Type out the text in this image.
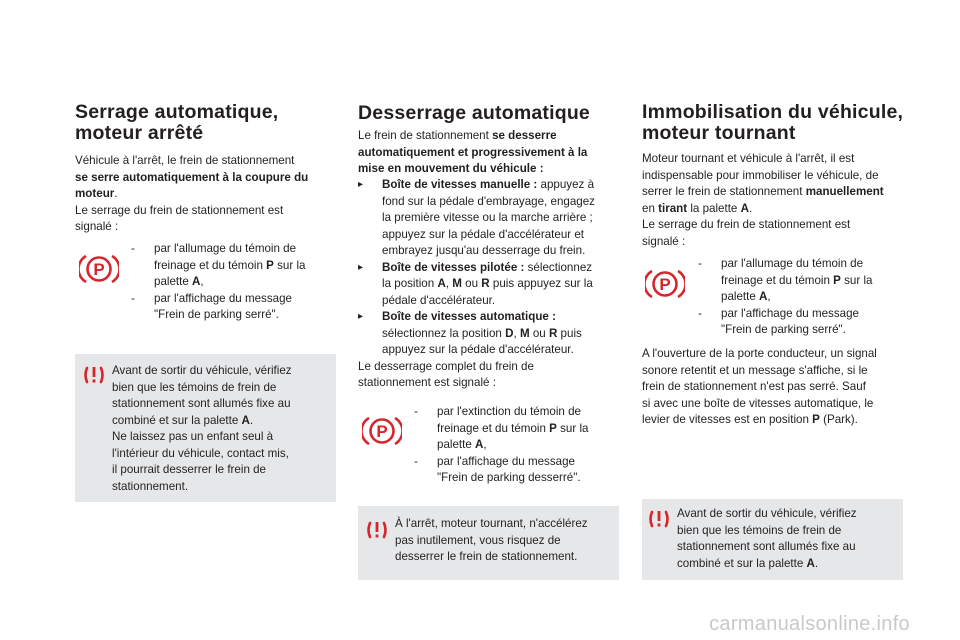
Serrage automatique,
moteur arrêté
Véhicule à l'arrêt, le frein de stationnement
se serre automatiquement à la coupure du
moteur.
Le serrage du frein de stationnement est
signalé :
- par l'allumage du témoin de
freinage et du témoin P sur la
palette A,
- par l'affichage du message
"Frein de parking serré".
Avant de sortir du véhicule, vérifiez
bien que les témoins de frein de
stationnement sont allumés fixe au
combiné et sur la palette A.
Ne laissez pas un enfant seul à
l'intérieur du véhicule, contact mis,
il pourrait desserrer le frein de
stationnement.
Desserrage automatique
Le frein de stationnement se desserre
automatiquement et progressivement à la
mise en mouvement du véhicule :
▸ Boîte de vitesses manuelle : appuyez à
fond sur la pédale d'embrayage, engagez
la première vitesse ou la marche arrière ;
appuyez sur la pédale d'accélérateur et
embrayez jusqu'au desserrage du frein.
▸ Boîte de vitesses pilotée : sélectionnez
la position A, M ou R puis appuyez sur la
pédale d'accélérateur.
▸ Boîte de vitesses automatique :
sélectionnez la position D, M ou R puis
appuyez sur la pédale d'accélérateur.
Le desserrage complet du frein de
stationnement est signalé :
- par l'extinction du témoin de
freinage et du témoin P sur la
palette A,
- par l'affichage du message
"Frein de parking desserré".
À l'arrêt, moteur tournant, n'accélérez
pas inutilement, vous risquez de
desserrer le frein de stationnement.
Immobilisation du véhicule,
moteur tournant
Moteur tournant et véhicule à l'arrêt, il est
indispensable pour immobiliser le véhicule, de
serrer le frein de stationnement manuellement
en tirant la palette A.
Le serrage du frein de stationnement est
signalé :
- par l'allumage du témoin de
freinage et du témoin P sur la
palette A,
- par l'affichage du message
"Frein de parking serré".
A l'ouverture de la porte conducteur, un signal
sonore retentit et un message s'affiche, si le
frein de stationnement n'est pas serré. Sauf
si avec une boîte de vitesses automatique, le
levier de vitesses est en position P (Park).
Avant de sortir du véhicule, vérifiez
bien que les témoins de frein de
stationnement sont allumés fixe au
combiné et sur la palette A.
carmanualsonline.info
